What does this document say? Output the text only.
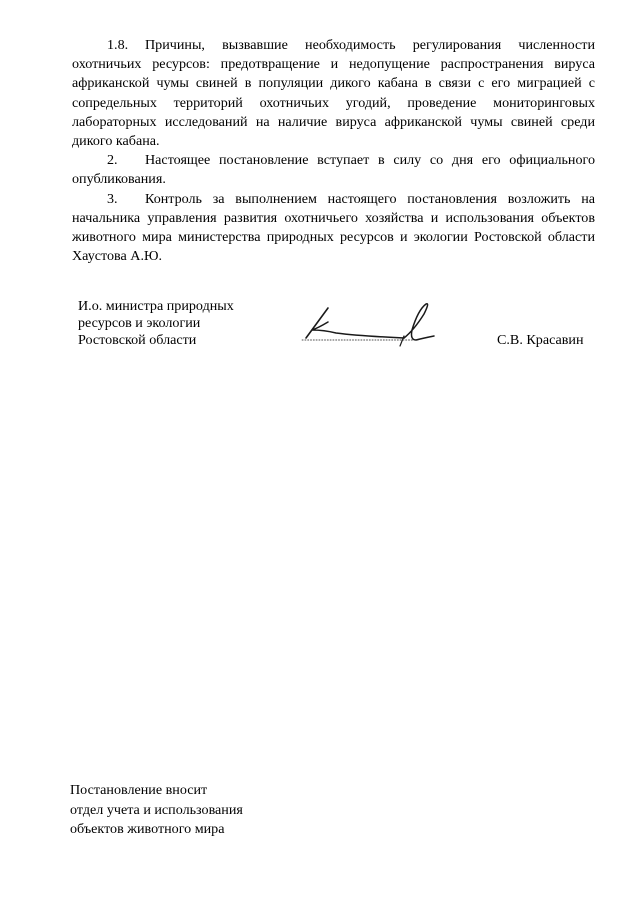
1.8. Причины, вызвавшие необходимость регулирования численности охотничьих ресурсов: предотвращение и недопущение распространения вируса африканской чумы свиней в популяции дикого кабана в связи с его миграцией с сопредельных территорий охотничьих угодий, проведение мониторинговых лабораторных исследований на наличие вируса африканской чумы свиней среди дикого кабана.

2. Настоящее постановление вступает в силу со дня его официального опубликования.

3. Контроль за выполнением настоящего постановления возложить на начальника управления развития охотничьего хозяйства и использования объектов животного мира министерства природных ресурсов и экологии Ростовской области Хаустова А.Ю.

И.о. министра природных
ресурсов и экологии
Ростовской области	С.В. Красавин
Постановление вносит
отдел учета и использования
объектов животного мира
